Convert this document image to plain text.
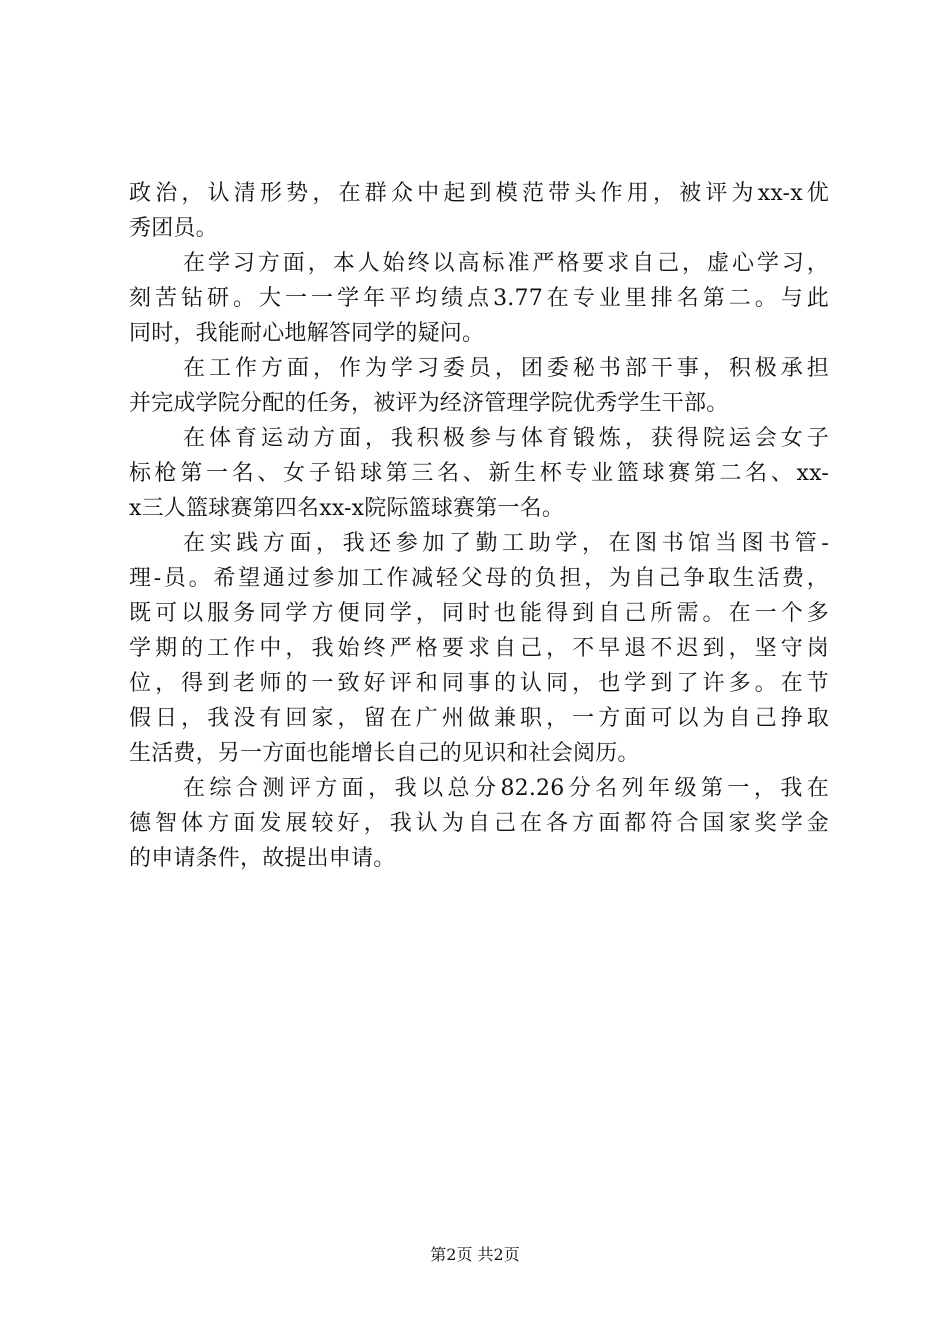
政治，认清形势，在群众中起到模范带头作用，被评为xx-x优
秀团员。
在学习方面，本人始终以高标准严格要求自己，虚心学习，
刻苦钻研。大一一学年平均绩点3.77在专业里排名第二。与此
同时，我能耐心地解答同学的疑问。
在工作方面，作为学习委员，团委秘书部干事，积极承担
并完成学院分配的任务，被评为经济管理学院优秀学生干部。
在体育运动方面，我积极参与体育锻炼，获得院运会女子
标枪第一名、女子铅球第三名、新生杯专业篮球赛第二名、xx-
x三人篮球赛第四名xx-x院际篮球赛第一名。
在实践方面，我还参加了勤工助学，在图书馆当图书管-
理-员。希望通过参加工作减轻父母的负担，为自己争取生活费，
既可以服务同学方便同学，同时也能得到自己所需。在一个多
学期的工作中，我始终严格要求自己，不早退不迟到，坚守岗
位，得到老师的一致好评和同事的认同，也学到了许多。在节
假日，我没有回家，留在广州做兼职，一方面可以为自己挣取
生活费，另一方面也能增长自己的见识和社会阅历。
在综合测评方面，我以总分82.26分名列年级第一，我在
德智体方面发展较好，我认为自己在各方面都符合国家奖学金
的申请条件，故提出申请。
第2页 共2页
